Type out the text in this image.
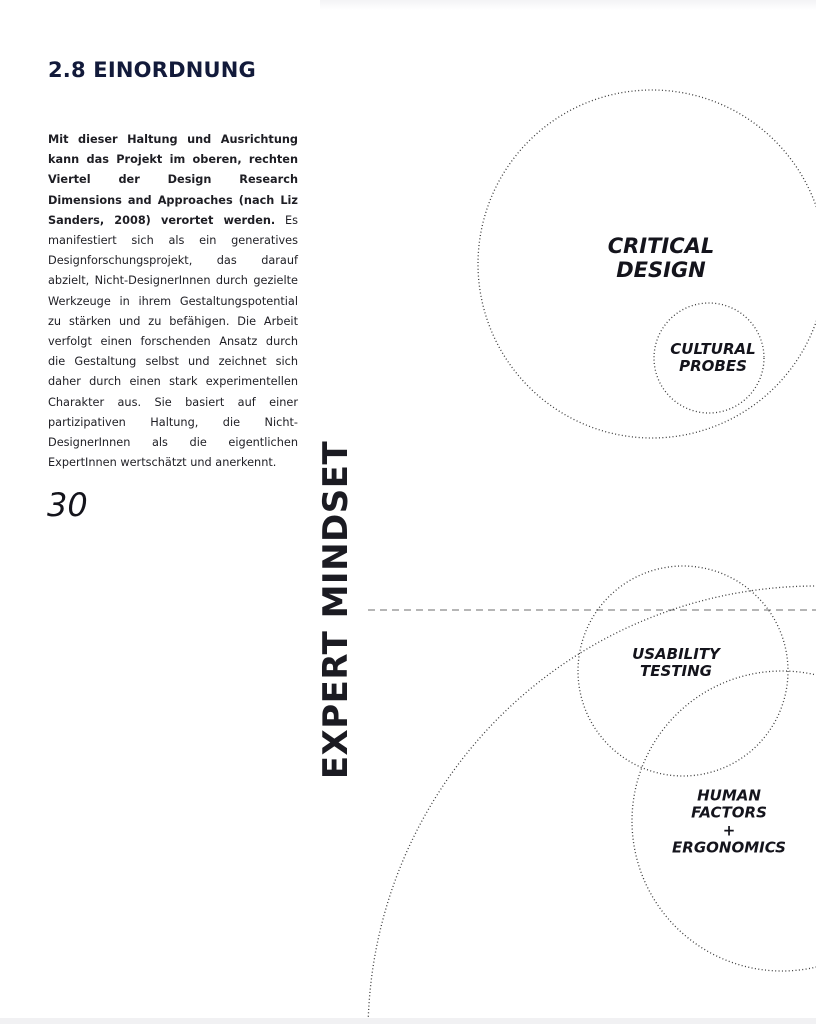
2.8 EINORDNUNG

Mit dieser Haltung und Ausrichtung kann das Projekt im oberen, rechten Viertel der Design Research Dimensions and Approaches (nach Liz Sanders, 2008) verortet werden. Es manifestiert sich als ein generatives Designforschungsprojekt, das darauf abzielt, Nicht-DesignerInnen durch gezielte Werkzeuge in ihrem Gestaltungspotential zu stärken und zu befähigen. Die Arbeit verfolgt einen forschenden Ansatz durch die Gestaltung selbst und zeichnet sich daher durch einen stark experimentellen Charakter aus. Sie basiert auf einer partizipativen Haltung, die Nicht-DesignerInnen als die eigentlichen ExpertInnen wertschätzt und anerkennt.

30	EXPERT MINDSET
CRITICAL DESIGN
CULTURAL
PROBES
USABILITY
TESTING
HUMAN FACTORS
+ ERGONOMICS
